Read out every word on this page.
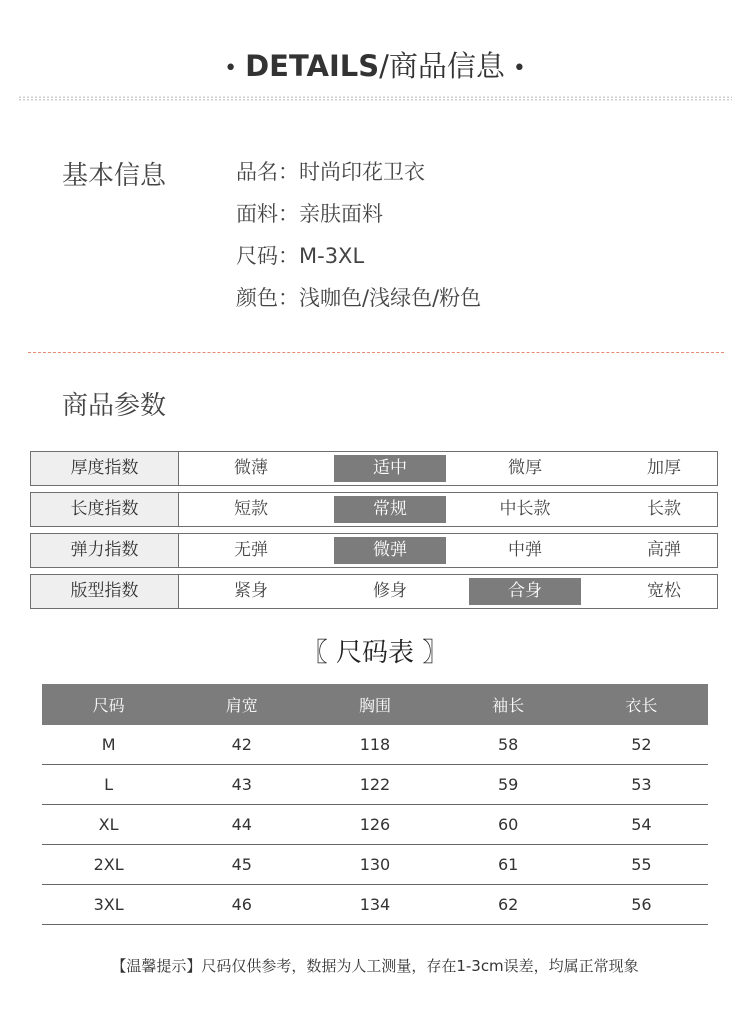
• DETAILS/商品信息 •
基本信息	品名：时尚印花卫衣
面料：亲肤面料
尺码：M-3XL
颜色：浅咖色/浅绿色/粉色
商品参数
厚度指数	微薄	适中	微厚	加厚
长度指数	短款	常规	中长款	长款
弹力指数	无弹	微弹	中弹	高弹
版型指数	紧身	修身	合身	宽松
〖 尺码表 〗
尺码	肩宽	胸围	袖长	衣长
M	42	118	58	52
L	43	122	59	53
XL	44	126	60	54
2XL	45	130	61	55
3XL	46	134	62	56
【温馨提示】尺码仅供参考，数据为人工测量，存在1-3cm误差，均属正常现象
